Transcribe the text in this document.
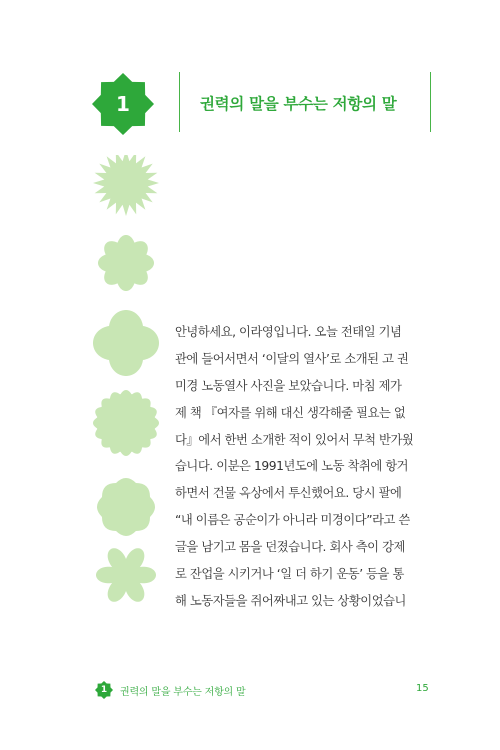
1	권력의 말을 부수는 저항의 말
안녕하세요, 이라영입니다. 오늘 전태일 기념
관에 들어서면서 ‘이달의 열사’로 소개된 고 권
미경 노동열사 사진을 보았습니다. 마침 제가
제 책 『여자를 위해 대신 생각해줄 필요는 없
다』에서 한번 소개한 적이 있어서 무척 반가웠
습니다. 이분은 1991년도에 노동 착취에 항거
하면서 건물 옥상에서 투신했어요. 당시 팔에
“내 이름은 공순이가 아니라 미경이다”라고 쓴
글을 남기고 몸을 던졌습니다. 회사 측이 강제
로 잔업을 시키거나 ‘일 더 하기 운동’ 등을 통
해 노동자들을 쥐어짜내고 있는 상황이었습니
1	권력의 말을 부수는 저항의 말	15
